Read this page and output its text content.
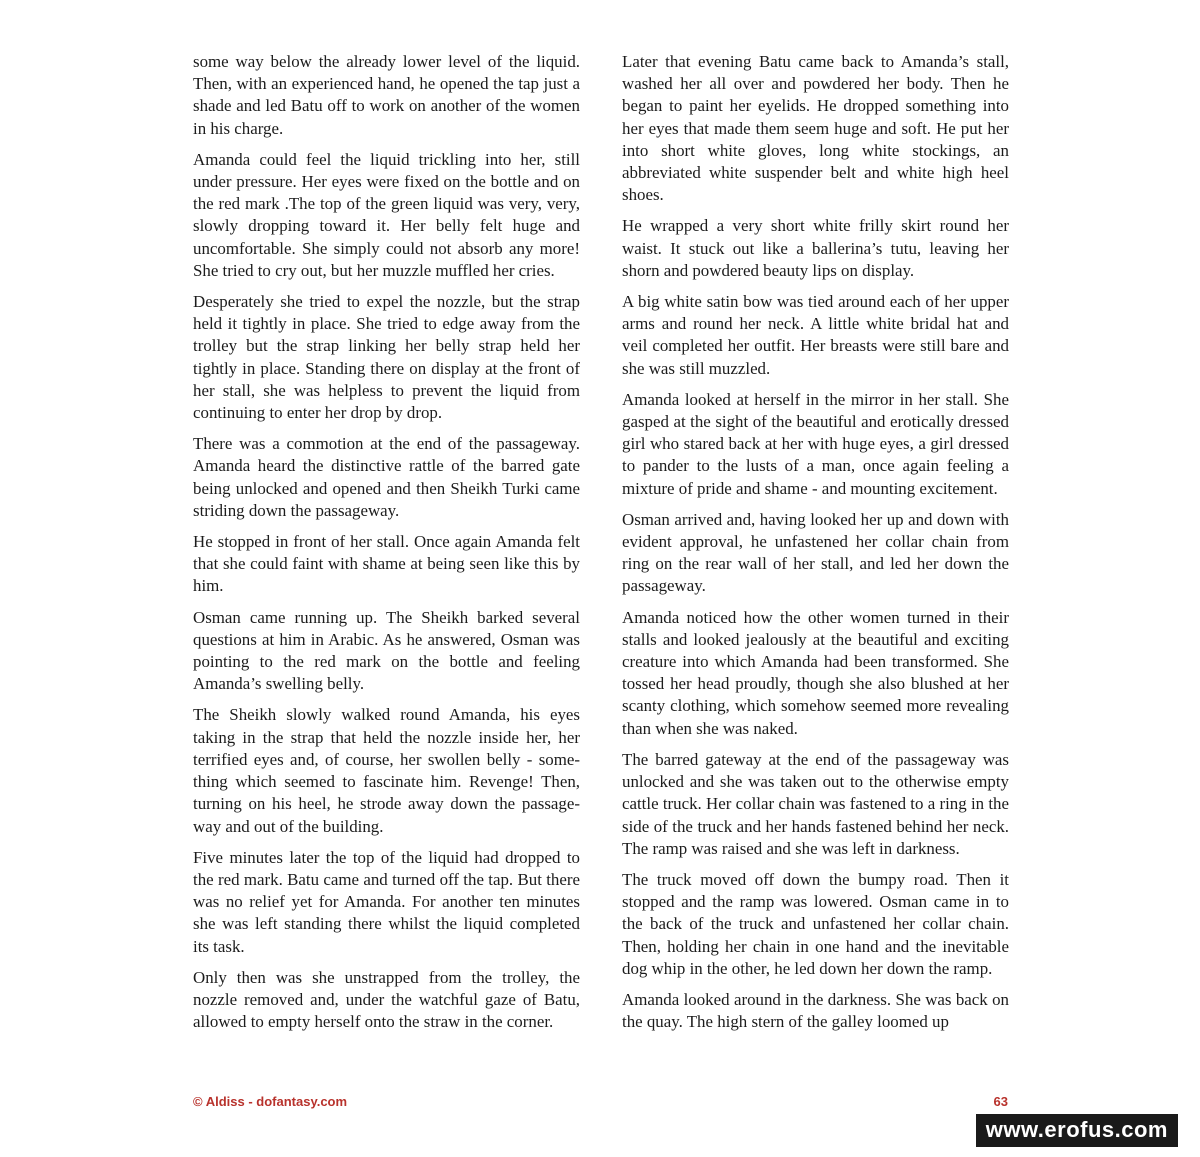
some way below the already lower level of the liquid. Then, with an experienced hand, he opened the tap just a shade and led Batu off to work on another of the women in his charge.

Amanda could feel the liquid trickling into her, still under pressure. Her eyes were fixed on the bottle and on the red mark .The top of the green liquid was very, very, slowly dropping toward it. Her belly felt huge and uncomfortable. She simply could not absorb any more! She tried to cry out, but her muzzle muffled her cries.

Desperately she tried to expel the nozzle, but the strap held it tightly in place. She tried to edge away from the trolley but the strap linking her belly strap held her tightly in place. Standing there on display at the front of her stall, she was helpless to prevent the liquid from continuing to enter her drop by drop.

There was a commotion at the end of the passageway. Amanda heard the distinctive rattle of the barred gate being unlocked and opened and then Sheikh Turki came striding down the passageway.

He stopped in front of her stall. Once again Amanda felt that she could faint with shame at being seen like this by him.

Osman came running up. The Sheikh barked several questions at him in Arabic. As he answered, Osman was pointing to the red mark on the bottle and feeling Amanda’s swelling belly.

The Sheikh slowly walked round Amanda, his eyes taking in the strap that held the nozzle inside her, her terrified eyes and, of course, her swollen belly - something which seemed to fascinate him. Revenge! Then, turning on his heel, he strode away down the passageway and out of the building.

Five minutes later the top of the liquid had dropped to the red mark. Batu came and turned off the tap. But there was no relief yet for Amanda. For another ten minutes she was left standing there whilst the liquid completed its task.

Only then was she unstrapped from the trolley, the nozzle removed and, under the watchful gaze of Batu, allowed to empty herself onto the straw in the corner.

Later that evening Batu came back to Amanda’s stall, washed her all over and powdered her body. Then he began to paint her eyelids. He dropped something into her eyes that made them seem huge and soft. He put her into short white gloves, long white stockings, an abbreviated white suspender belt and white high heel shoes.

He wrapped a very short white frilly skirt round her waist. It stuck out like a ballerina’s tutu, leaving her shorn and powdered beauty lips on display.

A big white satin bow was tied around each of her upper arms and round her neck. A little white bridal hat and veil completed her outfit. Her breasts were still bare and she was still muzzled.

Amanda looked at herself in the mirror in her stall. She gasped at the sight of the beautiful and erotically dressed girl who stared back at her with huge eyes, a girl dressed to pander to the lusts of a man, once again feeling a mixture of pride and shame - and mounting excitement.

Osman arrived and, having looked her up and down with evident approval, he unfastened her collar chain from ring on the rear wall of her stall, and led her down the passageway.

Amanda noticed how the other women turned in their stalls and looked jealously at the beautiful and exciting creature into which Amanda had been transformed. She tossed her head proudly, though she also blushed at her scanty clothing, which somehow seemed more revealing than when she was naked.

The barred gateway at the end of the passageway was unlocked and she was taken out to the otherwise empty cattle truck. Her collar chain was fastened to a ring in the side of the truck and her hands fastened behind her neck. The ramp was raised and she was left in darkness.

The truck moved off down the bumpy road. Then it stopped and the ramp was lowered. Osman came in to the back of the truck and unfastened her collar chain. Then, holding her chain in one hand and the inevitable dog whip in the other, he led down her down the ramp.

Amanda looked around in the darkness. She was back on the quay. The high stern of the galley loomed up

© Aldiss - dofantasy.com	63
www.erofus.com
